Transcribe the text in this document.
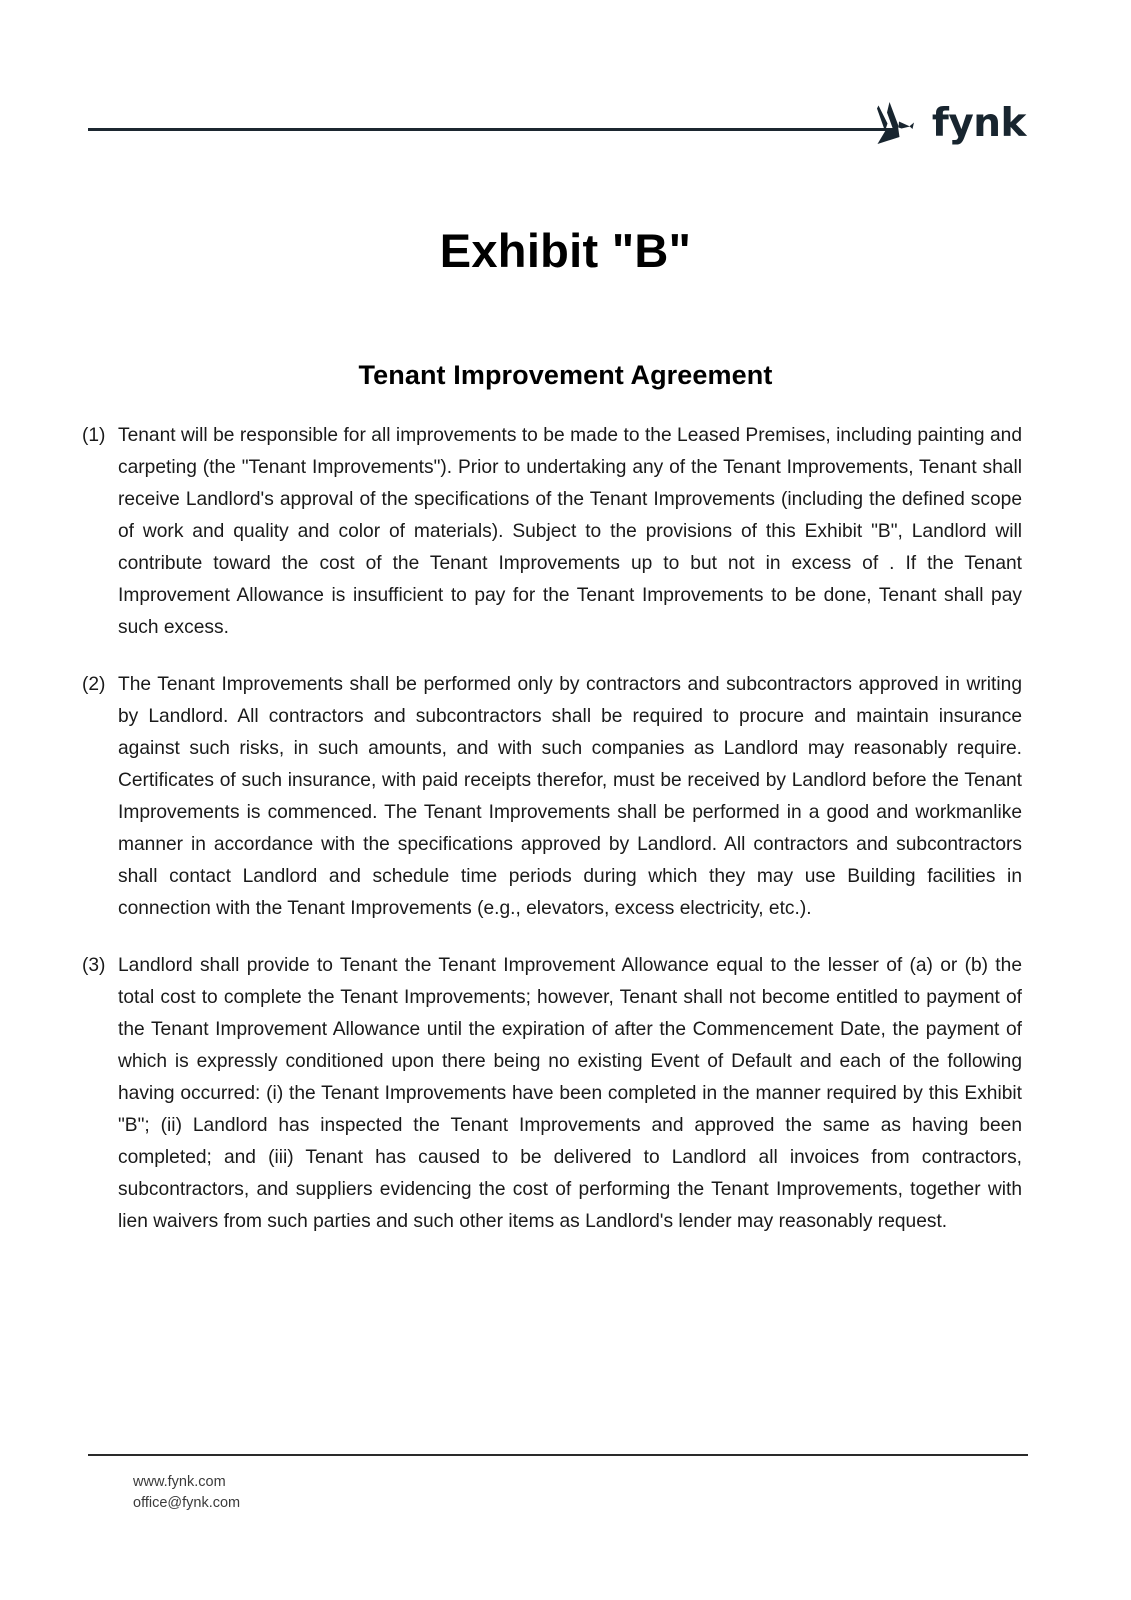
fynk
Exhibit "B"
Tenant Improvement Agreement
(1) Tenant will be responsible for all improvements to be made to the Leased Premises, including painting and carpeting (the "Tenant Improvements"). Prior to undertaking any of the Tenant Improvements, Tenant shall receive Landlord's approval of the specifications of the Tenant Improvements (including the defined scope of work and quality and color of materials). Subject to the provisions of this Exhibit "B", Landlord will contribute toward the cost of the Tenant Improvements up to but not in excess of . If the Tenant Improvement Allowance is insufficient to pay for the Tenant Improvements to be done, Tenant shall pay such excess.
(2) The Tenant Improvements shall be performed only by contractors and subcontractors approved in writing by Landlord. All contractors and subcontractors shall be required to procure and maintain insurance against such risks, in such amounts, and with such companies as Landlord may reasonably require. Certificates of such insurance, with paid receipts therefor, must be received by Landlord before the Tenant Improvements is commenced. The Tenant Improvements shall be performed in a good and workmanlike manner in accordance with the specifications approved by Landlord. All contractors and subcontractors shall contact Landlord and schedule time periods during which they may use Building facilities in connection with the Tenant Improvements (e.g., elevators, excess electricity, etc.).
(3) Landlord shall provide to Tenant the Tenant Improvement Allowance equal to the lesser of (a) or (b) the total cost to complete the Tenant Improvements; however, Tenant shall not become entitled to payment of the Tenant Improvement Allowance until the expiration of after the Commencement Date, the payment of which is expressly conditioned upon there being no existing Event of Default and each of the following having occurred: (i) the Tenant Improvements have been completed in the manner required by this Exhibit "B"; (ii) Landlord has inspected the Tenant Improvements and approved the same as having been completed; and (iii) Tenant has caused to be delivered to Landlord all invoices from contractors, subcontractors, and suppliers evidencing the cost of performing the Tenant Improvements, together with lien waivers from such parties and such other items as Landlord's lender may reasonably request.
www.fynk.com
office@fynk.com
